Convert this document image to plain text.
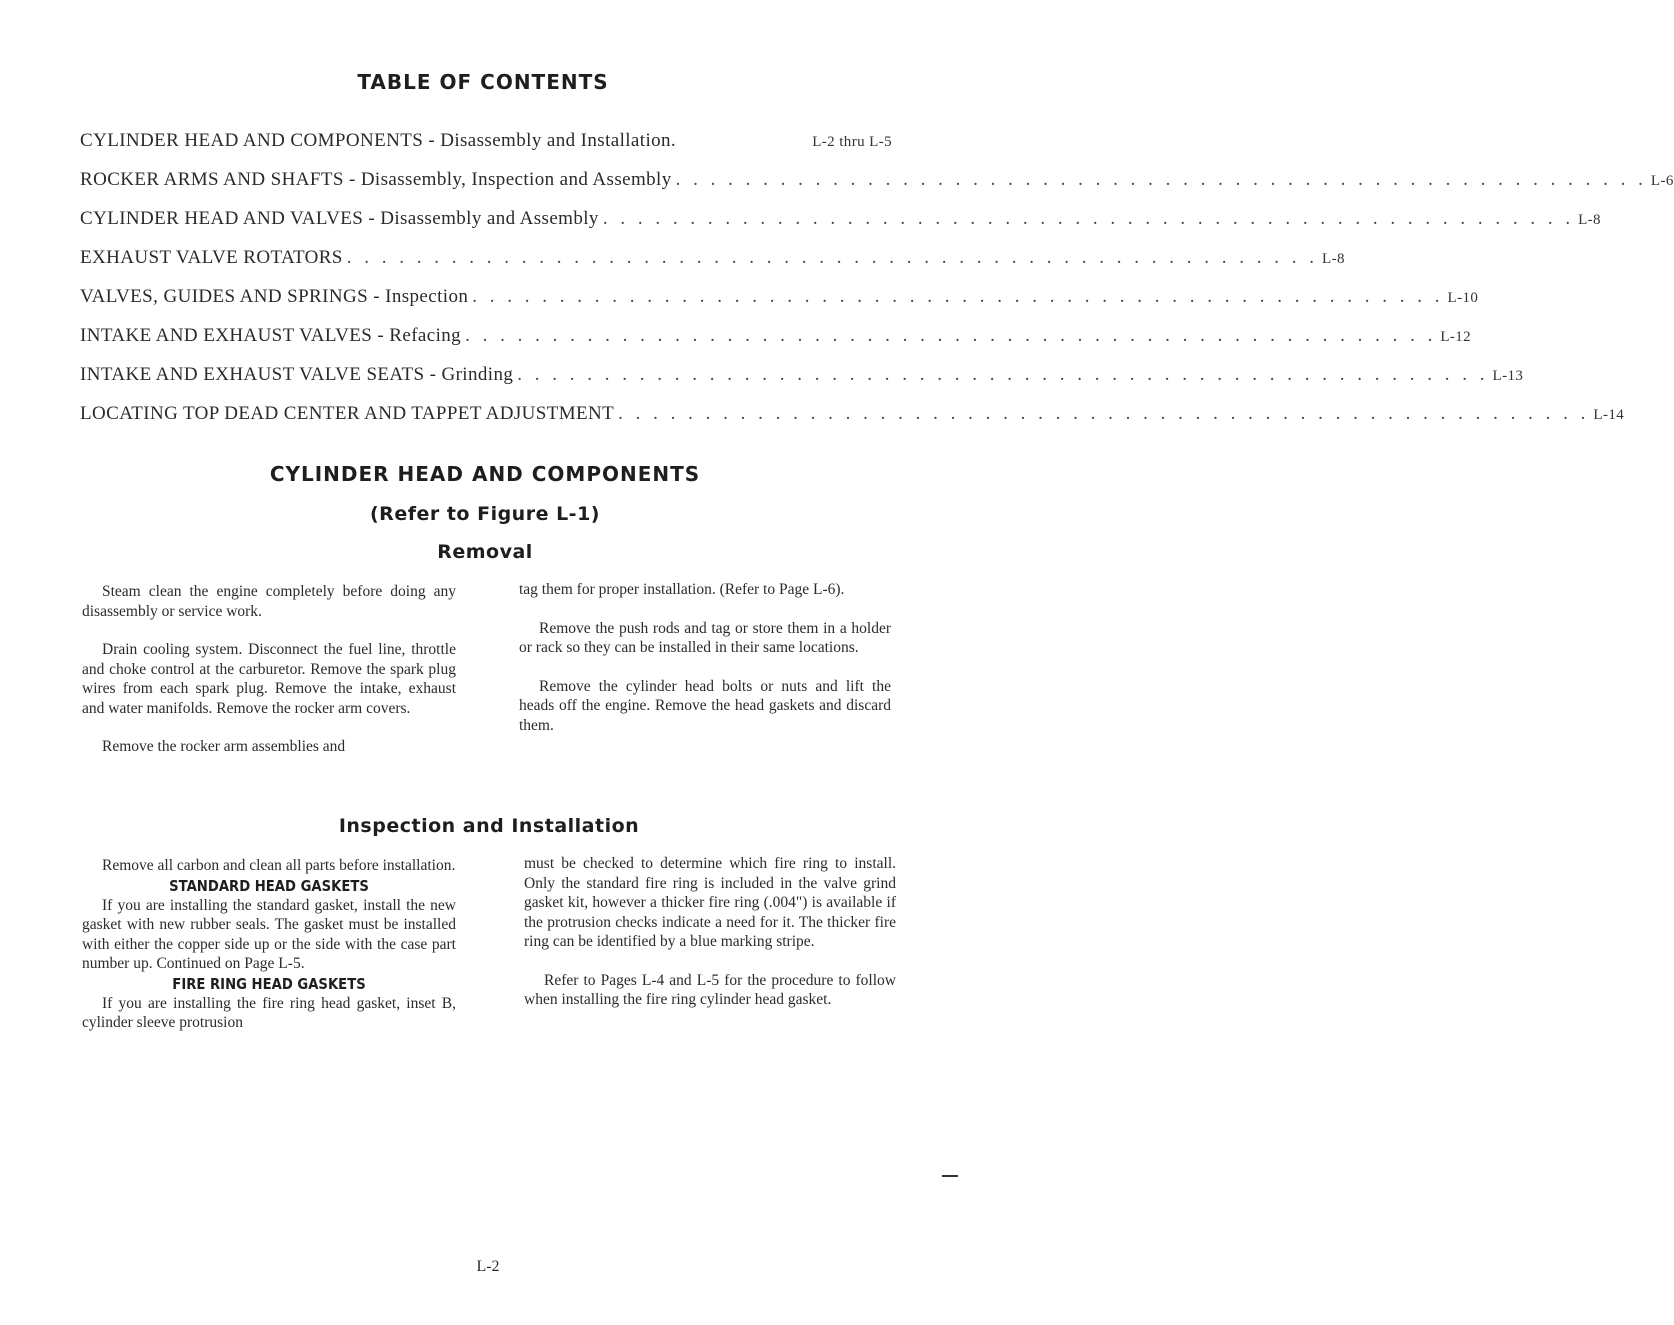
TABLE OF CONTENTS
CYLINDER HEAD AND COMPONENTS - Disassembly and Installation.	L-2 thru L-5
ROCKER ARMS AND SHAFTS - Disassembly, Inspection and Assembly . . . . . . . . . . . . . . . . . . . . . . . . . . . . . . . . . . . . . . . . . . . . . . . . . . . . . . . . L-6
CYLINDER HEAD AND VALVES - Disassembly and Assembly . . . . . . . . . . . . . . . . . . . . . . . . . . . . . . . . . . . . . . . . . . . . . . . . . . . . . . . . L-8
EXHAUST VALVE ROTATORS . . . . . . . . . . . . . . . . . . . . . . . . . . . . . . . . . . . . . . . . . . . . . . . . . . . . . . . . L-8
VALVES, GUIDES AND SPRINGS - Inspection . . . . . . . . . . . . . . . . . . . . . . . . . . . . . . . . . . . . . . . . . . . . . . . . . . . . . . . . L-10
INTAKE AND EXHAUST VALVES - Refacing . . . . . . . . . . . . . . . . . . . . . . . . . . . . . . . . . . . . . . . . . . . . . . . . . . . . . . . . L-12
INTAKE AND EXHAUST VALVE SEATS - Grinding . . . . . . . . . . . . . . . . . . . . . . . . . . . . . . . . . . . . . . . . . . . . . . . . . . . . . . . . L-13
LOCATING TOP DEAD CENTER AND TAPPET ADJUSTMENT . . . . . . . . . . . . . . . . . . . . . . . . . . . . . . . . . . . . . . . . . . . . . . . . . . . . . . . . L-14
CYLINDER HEAD AND COMPONENTS
(Refer to Figure L-1)
Removal

Steam clean the engine completely before doing any disassembly or service work.

Drain cooling system. Disconnect the fuel line, throttle and choke control at the carburetor. Remove the spark plug wires from each spark plug. Remove the intake, exhaust and water manifolds. Remove the rocker arm covers.

Remove the rocker arm assemblies and

tag them for proper installation. (Refer to Page L-6).

Remove the push rods and tag or store them in a holder or rack so they can be installed in their same locations.

Remove the cylinder head bolts or nuts and lift the heads off the engine. Remove the head gaskets and discard them.

Inspection and Installation

Remove all carbon and clean all parts before installation.

STANDARD HEAD GASKETS

If you are installing the standard gasket, install the new gasket with new rubber seals. The gasket must be installed with either the copper side up or the side with the case part number up. Continued on Page L-5.

FIRE RING HEAD GASKETS

If you are installing the fire ring head gasket, inset B, cylinder sleeve protrusion

must be checked to determine which fire ring to install. Only the standard fire ring is included in the valve grind gasket kit, however a thicker fire ring (.004") is available if the protrusion checks indicate a need for it. The thicker fire ring can be identified by a blue marking stripe.

Refer to Pages L-4 and L-5 for the procedure to follow when installing the fire ring cylinder head gasket.

L-2
